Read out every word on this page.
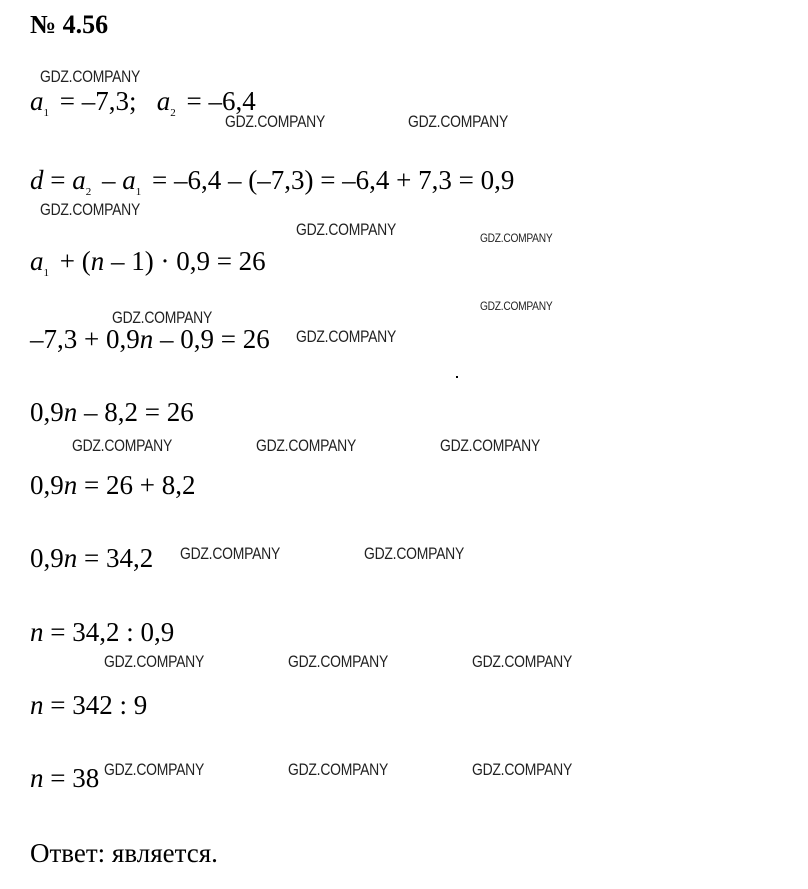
№ 4.56
$a_1 = -7,3$; $a_2 = -6,4$
$d = a_2 - a_1 = -6,4 - (-7,3) = -6,4 + 7,3 = 0,9$
$a_1 + (n - 1) \cdot 0,9 = 26$
–7,3 + 0,9n – 0,9 = 26
0,9n – 8,2 = 26
0,9n = 26 + 8,2
0,9n = 34,2
n = 34,2 : 0,9
n = 342 : 9
n = 38
Ответ: является.
GDZ.COMPANY
GDZ.COMPANY	GDZ.COMPANY
GDZ.COMPANY
GDZ.COMPANY	GDZ.COMPANY
GDZ.COMPANY
GDZ.COMPANY
GDZ.COMPANY
GDZ.COMPANY	GDZ.COMPANY	GDZ.COMPANY
GDZ.COMPANY	GDZ.COMPANY
GDZ.COMPANY	GDZ.COMPANY	GDZ.COMPANY
GDZ.COMPANY	GDZ.COMPANY	GDZ.COMPANY
